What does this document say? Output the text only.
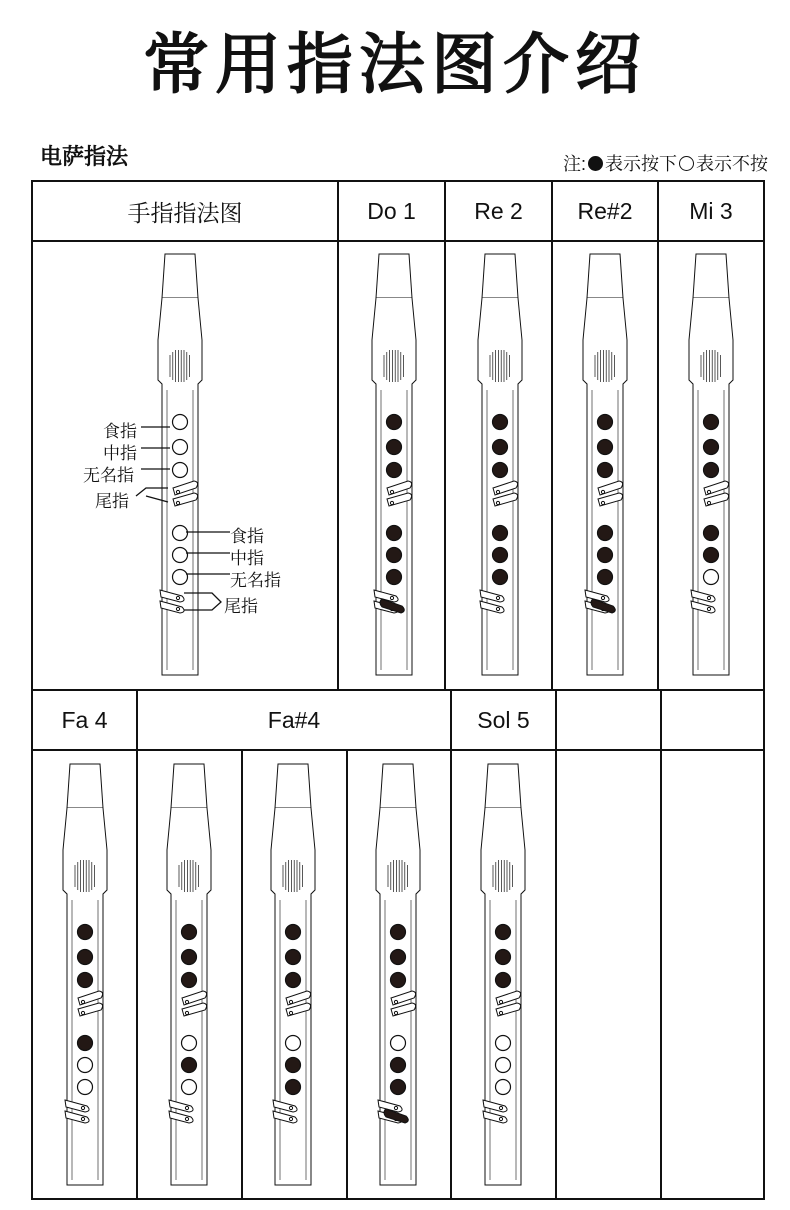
常用指法图介绍
电萨指法	注: 表示按下 表示不按
手指指法图	Do 1	Re 2	Re#2	Mi 3
Fa 4	Fa#4	Sol 5
食指
中指
无名指
尾指
食指
中指
无名指
尾指
